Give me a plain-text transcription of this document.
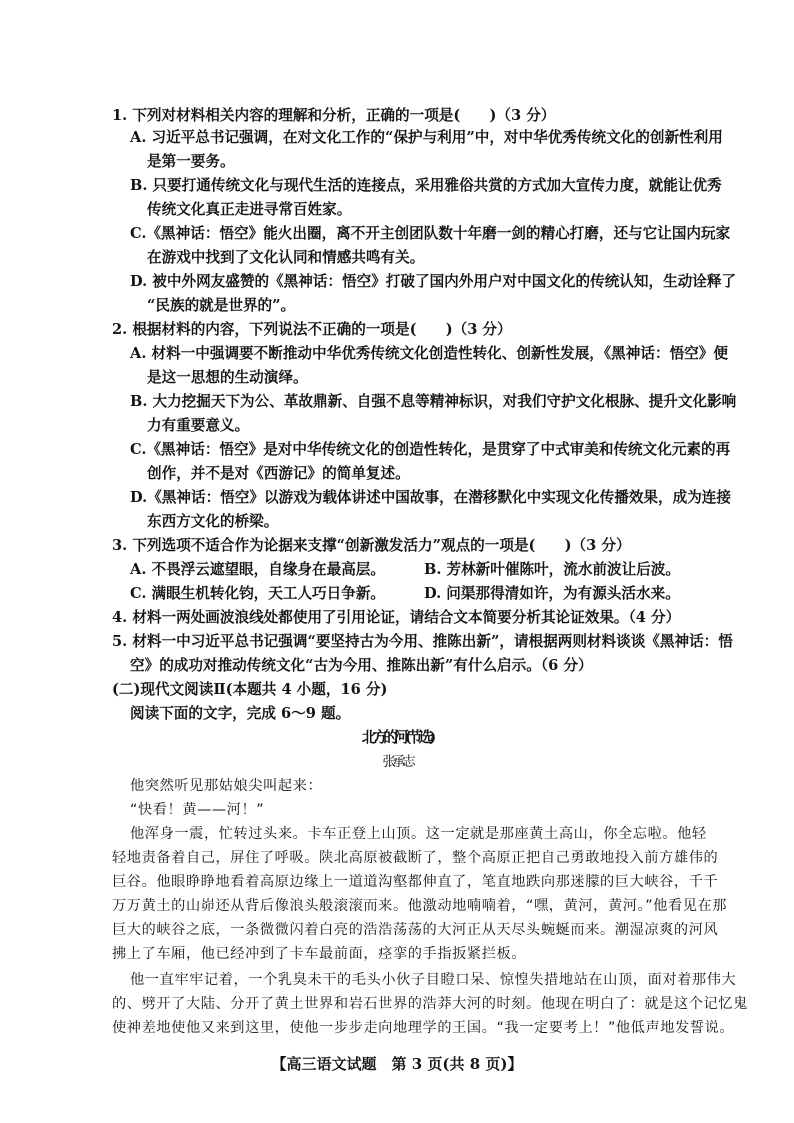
1. 下列对材料相关内容的理解和分析，正确的一项是(　　)（3 分）
A. 习近平总书记强调，在对文化工作的“保护与利用”中，对中华优秀传统文化的创新性利用
是第一要务。
B. 只要打通传统文化与现代生活的连接点，采用雅俗共赏的方式加大宣传力度，就能让优秀
传统文化真正走进寻常百姓家。
C.《黑神话：悟空》能火出圈，离不开主创团队数十年磨一剑的精心打磨，还与它让国内玩家
在游戏中找到了文化认同和情感共鸣有关。
D. 被中外网友盛赞的《黑神话：悟空》打破了国内外用户对中国文化的传统认知，生动诠释了
“民族的就是世界的”。
2. 根据材料的内容，下列说法不正确的一项是(　　)（3 分）
A. 材料一中强调要不断推动中华优秀传统文化创造性转化、创新性发展，《黑神话：悟空》便
是这一思想的生动演绎。
B. 大力挖掘天下为公、革故鼎新、自强不息等精神标识，对我们守护文化根脉、提升文化影响
力有重要意义。
C.《黑神话：悟空》是对中华传统文化的创造性转化，是贯穿了中式审美和传统文化元素的再
创作，并不是对《西游记》的简单复述。
D.《黑神话：悟空》以游戏为载体讲述中国故事，在潜移默化中实现文化传播效果，成为连接
东西方文化的桥梁。
3. 下列选项不适合作为论据来支撑“创新激发活力”观点的一项是(　　)（3 分）
A. 不畏浮云遮望眼，自缘身在最高层。	B. 芳林新叶催陈叶，流水前波让后波。
C. 满眼生机转化钧，天工人巧日争新。	D. 问渠那得清如许，为有源头活水来。
4. 材料一两处画波浪线处都使用了引用论证，请结合文本简要分析其论证效果。（4 分）
5. 材料一中习近平总书记强调“要坚持古为今用、推陈出新”，请根据两则材料谈谈《黑神话：悟
空》的成功对推动传统文化“古为今用、推陈出新”有什么启示。（6 分）
(二)现代文阅读Ⅱ(本题共 4 小题，16 分)
阅读下面的文字，完成 6～9 题。
北方的河(节选)
张承志
他突然听见那姑娘尖叫起来：
“快看！黄——河！”
他浑身一震，忙转过头来。卡车正登上山顶。这一定就是那座黄土高山，你全忘啦。他轻
轻地责备着自己，屏住了呼吸。陕北高原被截断了，整个高原正把自己勇敢地投入前方雄伟的
巨谷。他眼睁睁地看着高原边缘上一道道沟壑都伸直了，笔直地跌向那迷朦的巨大峡谷，千千
万万黄土的山峁还从背后像浪头般滚滚而来。他激动地喃喃着，“嘿，黄河，黄河。”他看见在那
巨大的峡谷之底，一条微微闪着白亮的浩浩荡荡的大河正从天尽头蜿蜒而来。潮湿凉爽的河风
拂上了车厢，他已经冲到了卡车最前面，痉挛的手指扳紧拦板。
他一直牢牢记着，一个乳臭未干的毛头小伙子目瞪口呆、惊惶失措地站在山顶，面对着那伟大
的、劈开了大陆、分开了黄土世界和岩石世界的浩莽大河的时刻。他现在明白了：就是这个记忆鬼
使神差地使他又来到这里，使他一步步走向地理学的王国。“我一定要考上！”他低声地发誓说。
【高三语文试题　第 3 页(共 8 页)】
